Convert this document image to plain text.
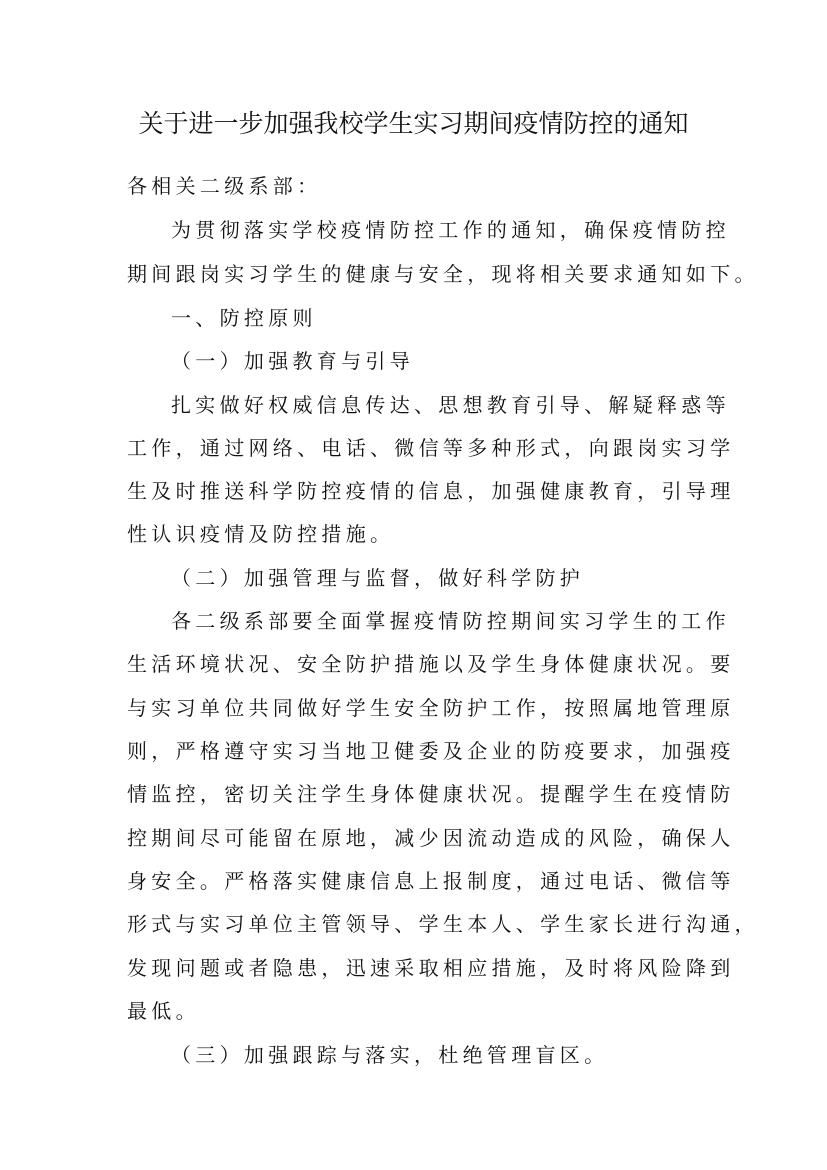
关于进一步加强我校学生实习期间疫情防控的通知
各相关二级系部：
为贯彻落实学校疫情防控工作的通知，确保疫情防控
期间跟岗实习学生的健康与安全，现将相关要求通知如下。
一、防控原则
（一）加强教育与引导
扎实做好权威信息传达、思想教育引导、解疑释惑等
工作，通过网络、电话、微信等多种形式，向跟岗实习学
生及时推送科学防控疫情的信息，加强健康教育，引导理
性认识疫情及防控措施。
（二）加强管理与监督，做好科学防护
各二级系部要全面掌握疫情防控期间实习学生的工作
生活环境状况、安全防护措施以及学生身体健康状况。要
与实习单位共同做好学生安全防护工作，按照属地管理原
则，严格遵守实习当地卫健委及企业的防疫要求，加强疫
情监控，密切关注学生身体健康状况。提醒学生在疫情防
控期间尽可能留在原地，减少因流动造成的风险，确保人
身安全。严格落实健康信息上报制度，通过电话、微信等
形式与实习单位主管领导、学生本人、学生家长进行沟通，
发现问题或者隐患，迅速采取相应措施，及时将风险降到
最低。
（三）加强跟踪与落实，杜绝管理盲区。
